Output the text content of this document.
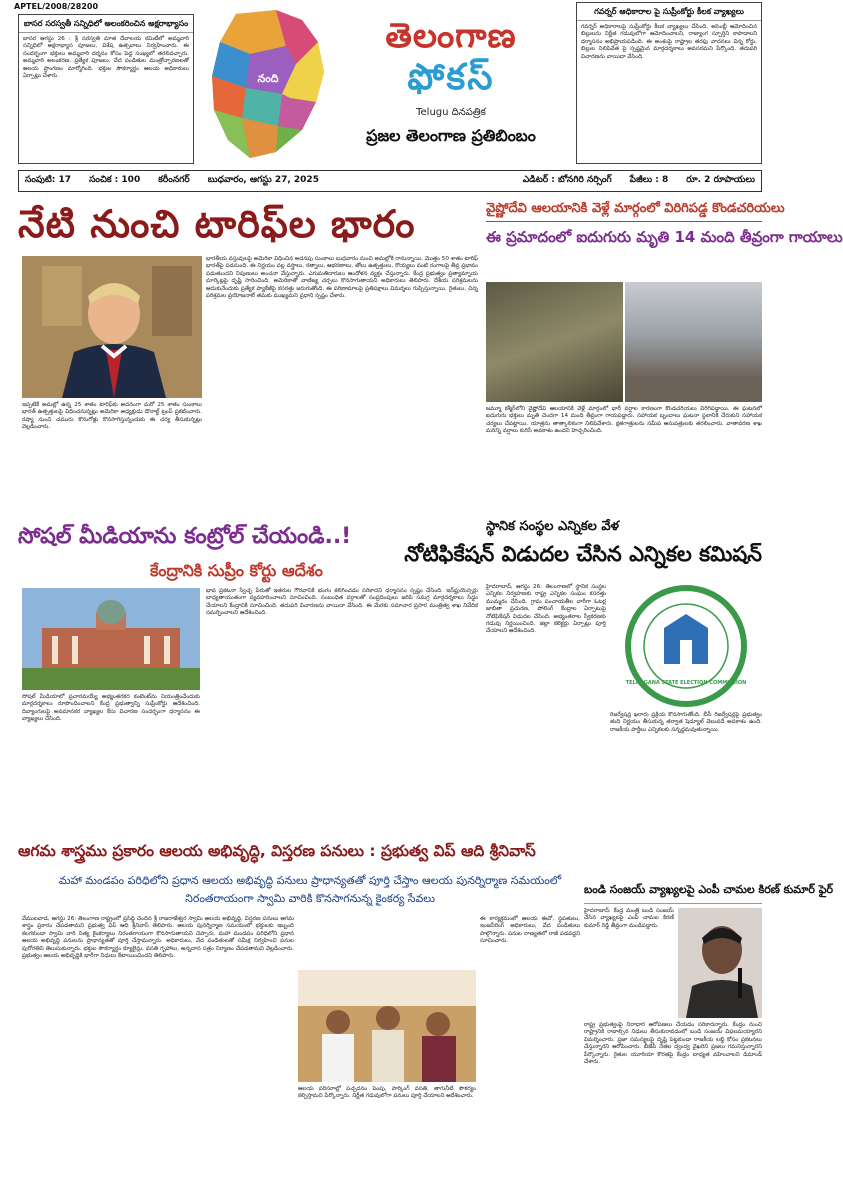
APTEL/2008/28200
బాసర సరస్వతీ సన్నిధిలో అలంకరించిన అక్షరాభ్యాసం
బాసర ఆగస్టు 26 : శ్రీ సరస్వతి మాత దేవాలయ కమిటీలో అమ్మవారి సన్నిధిలో అక్షరాభ్యాస పూజలు, విశేష ఉత్సవాలు నిర్వహించారు. ఈ సందర్భంగా భక్తులు అమ్మవారి దర్శనం కోసం పెద్ద సంఖ్యలో తరలివచ్చారు. అమ్మవారి అలంకరణ, ప్రత్యేక పూజలు, వేద పండితుల మంత్రోచ్ఛారణలతో ఆలయ ప్రాంగణం మార్మోగింది. భక్తుల సౌకర్యార్థం ఆలయ అధికారులు ఏర్పాట్లు చేశారు.	నంది
తెలంగాణ
ఫోకస్
Telugu దినపత్రిక
ప్రజల తెలంగాణ ప్రతిబింబం
గవర్నర్ ఆధికారాల పై సుప్రీంకోర్టు కీలక వ్యాఖ్యలు
గవర్నర్ అధికారాలపై సుప్రీంకోర్టు కీలక వ్యాఖ్యలు చేసింది. అసెంబ్లీ ఆమోదించిన బిల్లులను నిర్ణీత గడువులోగా ఆమోదించాలని, రాజ్యాంగ స్ఫూర్తిని కాపాడాలని ధర్మాసనం అభిప్రాయపడింది. ఈ అంశంపై రాష్ట్రాల తరఫు వాదనలు విన్న కోర్టు, బిల్లుల నిలిపివేత పై స్పష్టమైన మార్గదర్శకాలు అవసరమని పేర్కొంది. తదుపరి విచారణను వాయిదా వేసింది.
సంపుటి: 17 సంచిక : 100 కరీంనగర్ బుధవారం, ఆగస్టు 27, 2025	ఎడిటర్ : బోనగిరి నర్సింగ్ పేజీలు : 8 రూ. 2 రూపాయలు
నేటి నుంచి టారిఫ్‌ల భారం
ఇప్పటికే అమల్లో ఉన్న 25 శాతం టారిఫ్‌కు అదనంగా మరో 25 శాతం సుంకాలు భారత్ ఉత్పత్తులపై విధించనున్నట్లు అమెరికా అధ్యక్షుడు డొనాల్డ్ ట్రంప్ ప్రకటించారు. రష్యా నుంచి చమురు కొనుగోళ్లు కొనసాగిస్తున్నందుకు ఈ చర్య తీసుకున్నట్లు వెల్లడించారు.
భారతీయ వస్తువులపై అమెరికా విధించిన అదనపు సుంకాలు బుధవారం నుంచి అమల్లోకి రానున్నాయి. మొత్తం 50 శాతం టారిఫ్ భారత్‌పై పడనుంది. ఈ నిర్ణయం వల్ల వస్త్రాలు, రత్నాలు, ఆభరణాలు, తోలు ఉత్పత్తులు, రొయ్యలు వంటి రంగాలపై తీవ్ర ప్రభావం పడుతుందని నిపుణులు అంచనా వేస్తున్నారు. ఎగుమతిదారులు ఆందోళన వ్యక్తం చేస్తున్నారు. కేంద్ర ప్రభుత్వం ప్రత్యామ్నాయ మార్కెట్లపై దృష్టి సారించింది. అమెరికాతో వాణిజ్య చర్చలు కొనసాగుతాయని అధికారులు తెలిపారు. దేశీయ పరిశ్రమలను ఆదుకునేందుకు ప్రత్యేక ప్యాకేజీపై కసరత్తు జరుగుతోంది. ఈ పరిణామాలపై ప్రతిపక్షాలు విమర్శలు గుప్పిస్తున్నాయి. రైతులు, చిన్న పరిశ్రమల ప్రయోజనాలే తమకు ముఖ్యమని ప్రధాని స్పష్టం చేశారు.
వైష్ణోదేవి ఆలయానికి వెళ్లే మార్గంలో విరిగిపడ్డ కొండచరియలు
ఈ ప్రమాదంలో ఐదుగురు మృతి 14 మంది తీవ్రంగా గాయాలు
జమ్మూ కశ్మీర్‌లోని వైష్ణోదేవి ఆలయానికి వెళ్లే మార్గంలో భారీ వర్షాల కారణంగా కొండచరియలు విరిగిపడ్డాయి. ఈ ఘటనలో ఐదుగురు భక్తులు మృతి చెందగా 14 మంది తీవ్రంగా గాయపడ్డారు. సహాయక బృందాలు ఘటనా స్థలానికి చేరుకుని సహాయక చర్యలు చేపట్టాయి. యాత్రను తాత్కాలికంగా నిలిపివేశారు. క్షతగాత్రులను సమీప ఆసుపత్రులకు తరలించారు. వాతావరణ శాఖ మరిన్ని వర్షాలు కురిసే అవకాశం ఉందని హెచ్చరించింది.
సోషల్ మీడియాను కంట్రోల్ చేయండి..!
కేంద్రానికి సుప్రీం కోర్టు ఆదేశం
సోషల్ మీడియాలో ప్రచారమయ్యే అభ్యంతరకర కంటెంట్‌ను నియంత్రించేందుకు మార్గదర్శకాలు రూపొందించాలని కేంద్ర ప్రభుత్వాన్ని సుప్రీంకోర్టు ఆదేశించింది. దివ్యాంగులపై అవమానకర వ్యాఖ్యల కేసు విచారణ సందర్భంగా ధర్మాసనం ఈ వ్యాఖ్యలు చేసింది.
భావ ప్రకటనా స్వేచ్ఛ పేరుతో ఇతరుల గౌరవానికి భంగం కలిగించడం సరికాదని ధర్మాసనం స్పష్టం చేసింది. ఇన్‌ఫ్లుయెన్సర్లు బాధ్యతాయుతంగా వ్యవహరించాలని సూచించింది. సంబంధిత వర్గాలతో సంప్రదింపులు జరిపి సమగ్ర మార్గదర్శకాలు సిద్ధం చేయాలని కేంద్రానికి సూచించింది. తదుపరి విచారణను వాయిదా వేసింది. ఈ మేరకు సమాచార ప్రసార మంత్రిత్వ శాఖ నివేదిక సమర్పించాలని ఆదేశించింది.
స్థానిక సంస్థల ఎన్నికల వేళ
నోటిఫికేషన్ విడుదల చేసిన ఎన్నికల కమిషన్
హైదరాబాద్, ఆగస్టు 26: తెలంగాణలో స్థానిక సంస్థల ఎన్నికల నిర్వహణకు రాష్ట్ర ఎన్నికల సంఘం కసరత్తు ముమ్మరం చేసింది. గ్రామ పంచాయతీల వారీగా ఓటర్ల జాబితా ప్రచురణ, పోలింగ్ కేంద్రాల ఏర్పాటుపై నోటిఫికేషన్ విడుదల చేసింది. అభ్యంతరాల స్వీకరణకు గడువు నిర్ణయించింది. జిల్లా కలెక్టర్లు ఏర్పాట్లు పూర్తి చేయాలని ఆదేశించింది.
TELANGANA STATE ELECTION COMMISSION
రిజర్వేషన్ల ఖరారు ప్రక్రియ కొనసాగుతోంది. బీసీ రిజర్వేషన్లపై ప్రభుత్వం తుది నిర్ణయం తీసుకున్న తర్వాత షెడ్యూల్ వెలువడే అవకాశం ఉంది. రాజకీయ పార్టీలు ఎన్నికలకు సన్నద్ధమవుతున్నాయి.
ఆగమ శాస్త్రము ప్రకారం ఆలయ అభివృద్ధి, విస్తరణ పనులు : ప్రభుత్వ విప్ ఆది శ్రీనివాస్
మహా మండపం పరిధిలోని ప్రధాన ఆలయ అభివృద్ధి పనులు ప్రాధాన్యతతో పూర్తి చేస్తాం ఆలయ పునర్నిర్మాణ సమయంలో నిరంతరాయంగా స్వామి వారికి కొనసాగనున్న కైంకర్య సేవలు
వేములవాడ, ఆగస్టు 26: తెలంగాణ రాష్ట్రంలో ప్రసిద్ధి చెందిన శ్రీ రాజరాజేశ్వర స్వామి ఆలయ అభివృద్ధి, విస్తరణ పనులు ఆగమ శాస్త్రం ప్రకారం చేపడతామని ప్రభుత్వ విప్ ఆది శ్రీనివాస్ తెలిపారు. ఆలయ పునర్నిర్మాణ సమయంలో భక్తులకు ఇబ్బంది కలగకుండా స్వామి వారి నిత్య కైంకర్యాలు నిరంతరాయంగా కొనసాగుతాయని చెప్పారు. మహా మండపం పరిధిలోని ప్రధాన ఆలయ అభివృద్ధి పనులను ప్రాధాన్యతతో పూర్తి చేస్తామన్నారు. అధికారులు, వేద పండితులతో సమీక్ష నిర్వహించి పనుల పురోగతిని తెలుసుకున్నారు. భక్తుల సౌకర్యార్థం క్యూలైన్లు, వసతి గృహాలు, అన్నదాన సత్రం నిర్మాణం చేపడతామని వెల్లడించారు. ప్రభుత్వం ఆలయ అభివృద్ధికి భారీగా నిధులు కేటాయించిందని తెలిపారు.
ఆలయ పరిసరాల్లో పచ్చదనం పెంపు, పార్కింగ్ వసతి, తాగునీటి సౌకర్యం కల్పిస్తామని పేర్కొన్నారు. నిర్ణీత గడువులోగా పనులు పూర్తి చేయాలని ఆదేశించారు.
ఈ కార్యక్రమంలో ఆలయ ఈవో, స్థపతులు, ఇంజనీరింగ్ అధికారులు, వేద పండితులు పాల్గొన్నారు. పనుల నాణ్యతలో రాజీ పడవద్దని సూచించారు.
బండి సంజయ్ వ్యాఖ్యలపై ఎంపీ చామల కిరణ్ కుమార్ ఫైర్
హైదరాబాద్: కేంద్ర మంత్రి బండి సంజయ్ చేసిన వ్యాఖ్యలపై ఎంపీ చామల కిరణ్ కుమార్ రెడ్డి తీవ్రంగా మండిపడ్డారు.
రాష్ట్ర ప్రభుత్వంపై నిరాధార ఆరోపణలు చేయడం సరికాదన్నారు. కేంద్రం నుంచి రాష్ట్రానికి రావాల్సిన నిధులు తీసుకురావడంలో బండి సంజయ్ విఫలమయ్యారని విమర్శించారు. ప్రజా సమస్యలపై దృష్టి పెట్టకుండా రాజకీయ లబ్ధి కోసం ప్రకటనలు చేస్తున్నారని ఆరోపించారు. బీజేపీ నేతల ద్వంద్వ వైఖరిని ప్రజలు గమనిస్తున్నారని పేర్కొన్నారు. రైతుల యూరియా కొరతపై కేంద్రం బాధ్యత వహించాలని డిమాండ్ చేశారు.
